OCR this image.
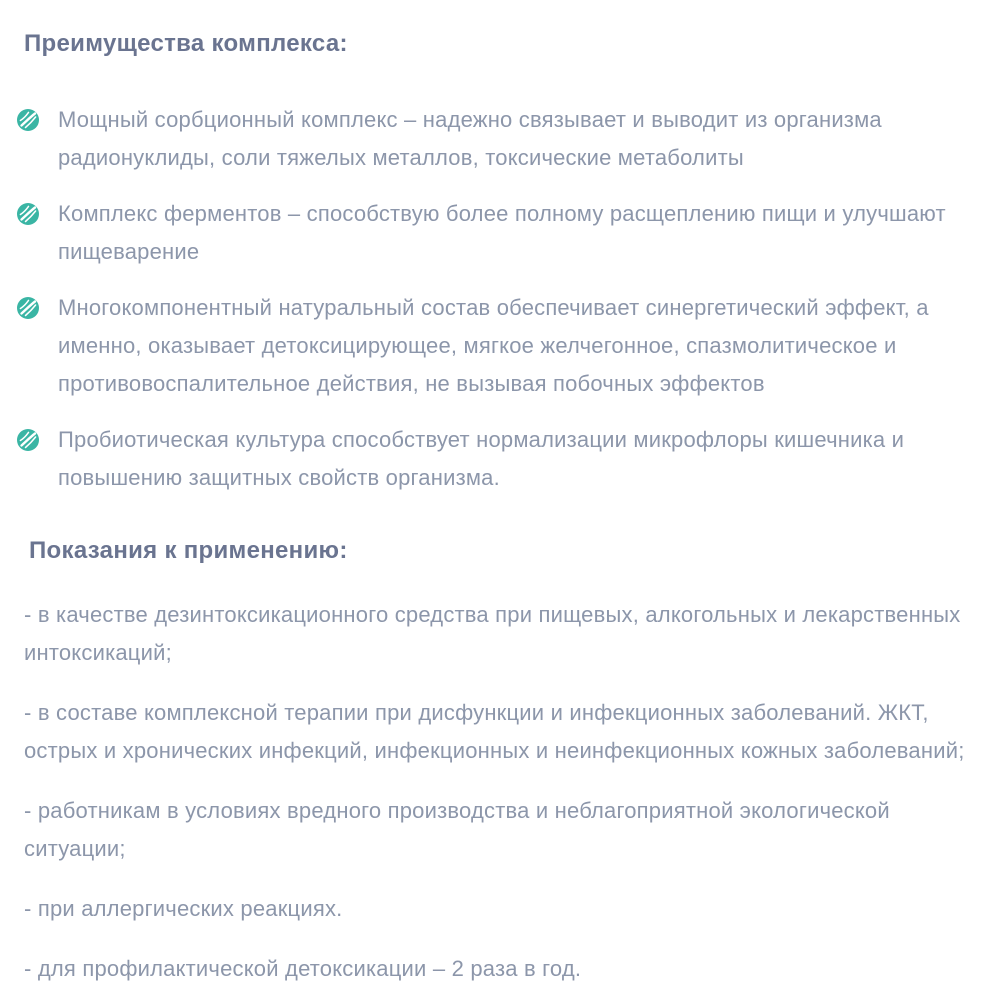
Преимущества комплекса:
Мощный сорбционный комплекс – надежно связывает и выводит из организма радионуклиды, соли тяжелых металлов, токсические метаболиты
Комплекс ферментов – способствую более полному расщеплению пищи и улучшают пищеварение
Многокомпонентный натуральный состав обеспечивает синергетический эффект, а именно, оказывает детоксицирующее, мягкое желчегонное, спазмолитическое и противовоспалительное действия, не вызывая побочных эффектов
Пробиотическая культура способствует нормализации микрофлоры кишечника и повышению защитных свойств организма.
Показания к применению:

- в качестве дезинтоксикационного средства при пищевых, алкогольных и лекарственных интоксикаций;

- в составе комплексной терапии при дисфункции и инфекционных заболеваний. ЖКТ, острых и хронических инфекций, инфекционных и неинфекционных кожных заболеваний;

- работникам в условиях вредного производства и неблагоприятной экологической ситуации;

- при аллергических реакциях.

- для профилактической детоксикации – 2 раза в год.
